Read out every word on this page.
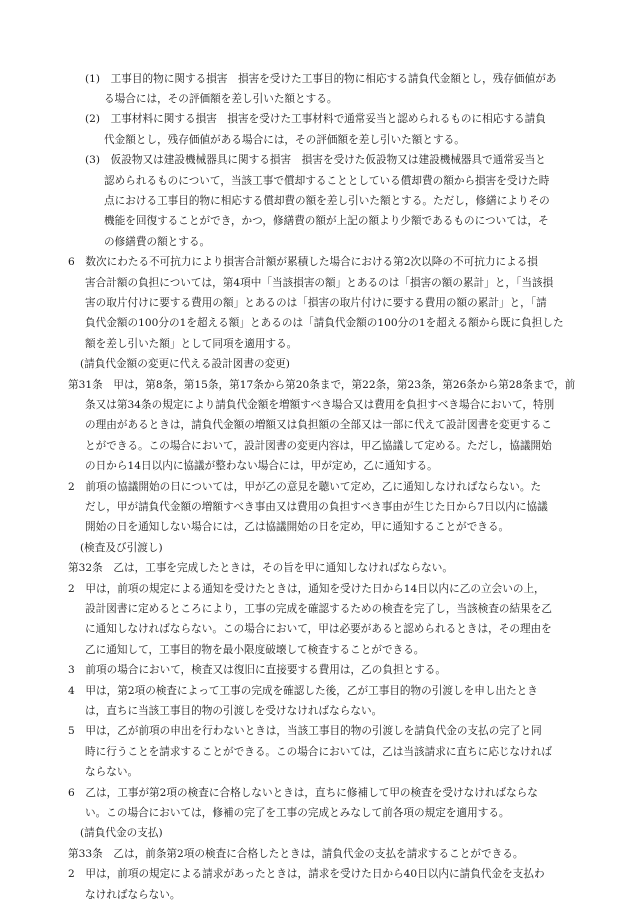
(1)　工事目的物に関する損害　損害を受けた工事目的物に相応する請負代金額とし，残存価値があ
る場合には，その評価額を差し引いた額とする。
(2)　工事材料に関する損害　損害を受けた工事材料で通常妥当と認められるものに相応する請負
代金額とし，残存価値がある場合には，その評価額を差し引いた額とする。
(3)　仮設物又は建設機械器具に関する損害　損害を受けた仮設物又は建設機械器具で通常妥当と
認められるものについて，当該工事で償却することとしている償却費の額から損害を受けた時
点における工事目的物に相応する償却費の額を差し引いた額とする。ただし，修繕によりその
機能を回復することができ，かつ，修繕費の額が上記の額より少額であるものについては，そ
の修繕費の額とする。
6　数次にわたる不可抗力により損害合計額が累積した場合における第2次以降の不可抗力による損
害合計額の負担については，第4項中「当該損害の額」とあるのは「損害の額の累計」と，「当該損
害の取片付けに要する費用の額」とあるのは「損害の取片付けに要する費用の額の累計」と，「請
負代金額の100分の1を超える額」とあるのは「請負代金額の100分の1を超える額から既に負担した
額を差し引いた額」として同項を適用する。
(請負代金額の変更に代える設計図書の変更)
第31条　甲は，第8条，第15条，第17条から第20条まで，第22条，第23条，第26条から第28条まで，前
条又は第34条の規定により請負代金額を増額すべき場合又は費用を負担すべき場合において，特別
の理由があるときは，請負代金額の増額又は負担額の全部又は一部に代えて設計図書を変更するこ
とができる。この場合において，設計図書の変更内容は，甲乙協議して定める。ただし，協議開始
の日から14日以内に協議が整わない場合には，甲が定め，乙に通知する。
2　前項の協議開始の日については，甲が乙の意見を聴いて定め，乙に通知しなければならない。た
だし，甲が請負代金額の増額すべき事由又は費用の負担すべき事由が生じた日から7日以内に協議
開始の日を通知しない場合には，乙は協議開始の日を定め，甲に通知することができる。
(検査及び引渡し)
第32条　乙は，工事を完成したときは，その旨を甲に通知しなければならない。
2　甲は，前項の規定による通知を受けたときは，通知を受けた日から14日以内に乙の立会いの上，
設計図書に定めるところにより，工事の完成を確認するための検査を完了し，当該検査の結果を乙
に通知しなければならない。この場合において，甲は必要があると認められるときは，その理由を
乙に通知して，工事目的物を最小限度破壊して検査することができる。
3　前項の場合において，検査又は復旧に直接要する費用は，乙の負担とする。
4　甲は，第2項の検査によって工事の完成を確認した後，乙が工事目的物の引渡しを申し出たとき
は，直ちに当該工事目的物の引渡しを受けなければならない。
5　甲は，乙が前項の申出を行わないときは，当該工事目的物の引渡しを請負代金の支払の完了と同
時に行うことを請求することができる。この場合においては，乙は当該請求に直ちに応じなければ
ならない。
6　乙は，工事が第2項の検査に合格しないときは，直ちに修補して甲の検査を受けなければならな
い。この場合においては，修補の完了を工事の完成とみなして前各項の規定を適用する。
(請負代金の支払)
第33条　乙は，前条第2項の検査に合格したときは，請負代金の支払を請求することができる。
2　甲は，前項の規定による請求があったときは，請求を受けた日から40日以内に請負代金を支払わ
なければならない。
